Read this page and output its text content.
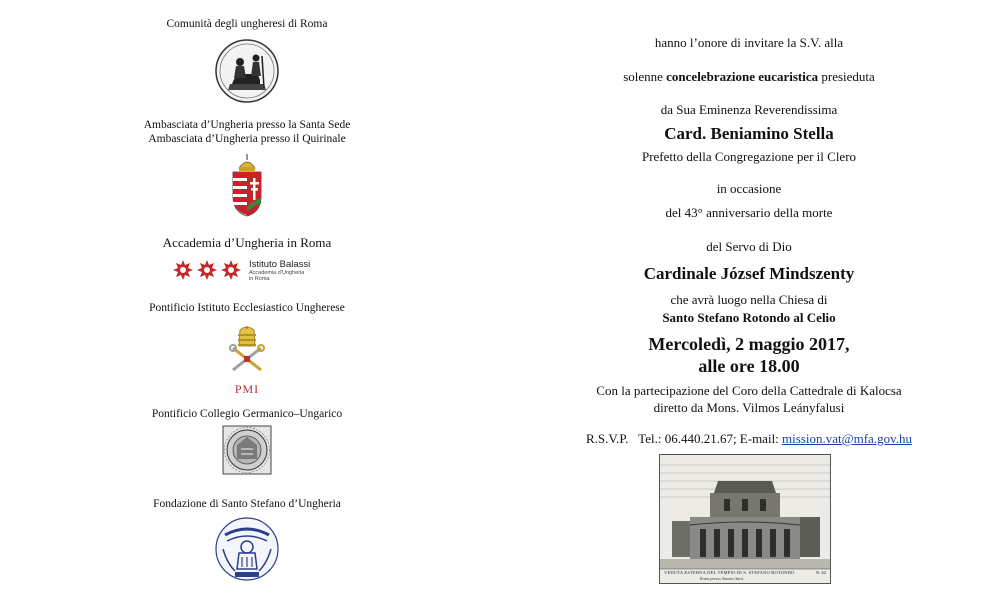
Comunità degli ungheresi di Roma
Ambasciata d’Ungheria presso la Santa Sede
Ambasciata d’Ungheria presso il Quirinale
Accademia d’Ungheria in Roma
Istituto Balassi
Accademia d’Ungheria
in Roma
Pontificio Istituto Ecclesiastico Ungherese
PMI
Pontificio Collegio Germanico–Ungarico
Fondazione di Santo Stefano d’Ungheria
hanno l’onore di invitare la S.V. alla
solenne concelebrazione eucaristica presieduta
da Sua Eminenza Reverendissima
Card. Beniamino Stella
Prefetto della Congregazione per il Clero
in occasione
del 43° anniversario della morte
del Servo di Dio
Cardinale József Mindszenty
che avrà luogo nella Chiesa di
Santo Stefano Rotondo al Celio
Mercoledì, 2 maggio 2017,
alle ore 18.00
Con la partecipazione del Coro della Cattedrale di Kalocsa
diretto da Mons. Vilmos Leányfalusi
R.S.V.P. Tel.: 06.440.21.67; E-mail: mission.vat@mfa.gov.hu
VEDUTA ESTERNA DEL TEMPIO DI S. STEFANO ROTONDO
Roma presso Antonio Sarti.
N. 62
